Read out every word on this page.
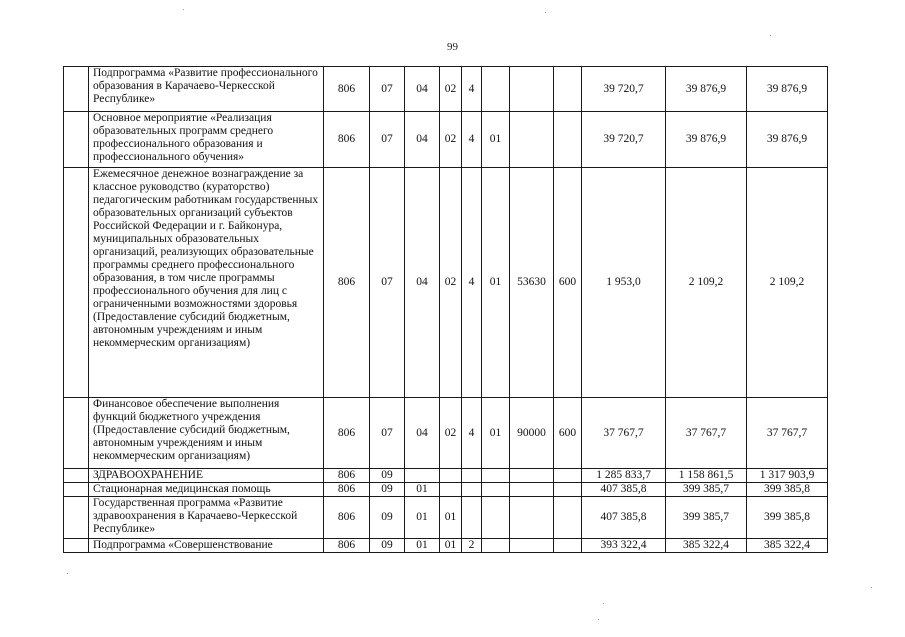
99
	Подпрограмма «Развитие профессионального образования в Карачаево-Черкесской Республике»	806	07	04	02	4				39 720,7	39 876,9	39 876,9
	Основное мероприятие «Реализация образовательных программ среднего профессионального образования и профессионального обучения»	806	07	04	02	4	01			39 720,7	39 876,9	39 876,9
	Ежемесячное денежное вознаграждение за классное руководство (кураторство) педагогическим работникам государственных образовательных организаций субъектов Российской Федерации и г. Байконура, муниципальных образовательных организаций, реализующих образовательные программы среднего профессионального образования, в том числе программы профессионального обучения для лиц с ограниченными возможностями здоровья (Предоставление субсидий бюджетным, автономным учреждениям и иным некоммерческим организациям)	806	07	04	02	4	01	53630	600	1 953,0	2 109,2	2 109,2
	Финансовое обеспечение выполнения функций бюджетного учреждения (Предоставление субсидий бюджетным, автономным учреждениям и иным некоммерческим организациям)	806	07	04	02	4	01	90000	600	37 767,7	37 767,7	37 767,7
	ЗДРАВООХРАНЕНИЕ	806	09							1 285 833,7	1 158 861,5	1 317 903,9
	Стационарная медицинская помощь	806	09	01						407 385,8	399 385,7	399 385,8
	Государственная программа «Развитие здравоохранения в Карачаево-Черкесской Республике»	806	09	01	01					407 385,8	399 385,7	399 385,8
	Подпрограмма «Совершенствование	806	09	01	01	2				393 322,4	385 322,4	385 322,4
